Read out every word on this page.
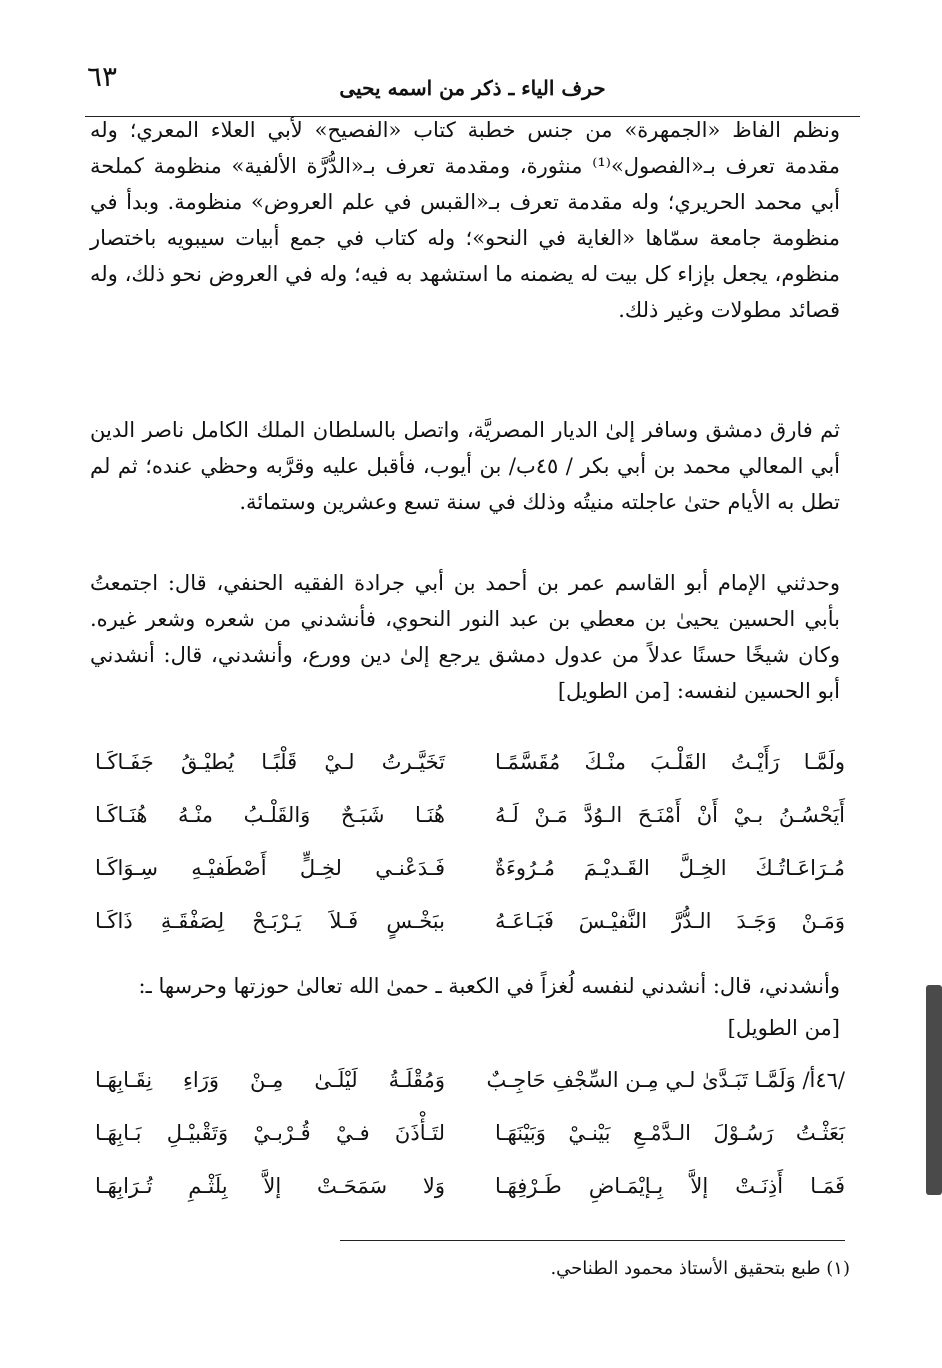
٦٣	حرف الياء ـ ذكر من اسمه يحيى

ونظم الفاظ «الجمهرة» من جنس خطبة كتاب «الفصيح» لأبي العلاء المعري؛ وله مقدمة تعرف بـ«الفصول»⁽¹⁾ منثورة، ومقدمة تعرف بـ«الدُّرَّة الألفية» منظومة كملحة أبي محمد الحريري؛ وله مقدمة تعرف بـ«القبس في علم العروض» منظومة. وبدأ في منظومة جامعة سمّاها «الغاية في النحو»؛ وله كتاب في جمع أبيات سيبويه باختصار منظوم، يجعل بإزاء كل بيت له يضمنه ما استشهد به فيه؛ وله في العروض نحو ذلك، وله قصائد مطولات وغير ذلك.

ثم فارق دمشق وسافر إلىٰ الديار المصريَّة، واتصل بالسلطان الملك الكامل ناصر الدين أبي المعالي محمد بن أبي بكر / ٤٥ب/ بن أيوب، فأقبل عليه وقرَّبه وحظي عنده؛ ثم لم تطل به الأيام حتىٰ عاجلته منيتُه وذلك في سنة تسع وعشرين وستمائة.

وحدثني الإمام أبو القاسم عمر بن أحمد بن أبي جرادة الفقيه الحنفي، قال: اجتمعتُ بأبي الحسين يحيىٰ بن معطي بن عبد النور النحوي، فأنشدني من شعره وشعر غيره. وكان شيخًا حسنًا عدلاً من عدول دمشق يرجع إلىٰ دين وورع، وأنشدني، قال: أنشدني أبو الحسين لنفسه: [من الطويل]

ولَمَّـا رَأَيْـتُ القَلْـبَ منْـكَ مُقَسَّمًـا
تَخَيَّـرتُ لـيْ قَلْبًـا يُطيْـقُ جَفَـاكَـا
أَيَحْسُـنُ بـيْ أَنْ أَمْنَـحَ الـوُدَّ مَـنْ لَـهُ
هُنَـا شَبَـحٌ وَالقَلْـبُ منْـهُ هُنَـاكَـا
مُـرَاعَـاتُـكَ الخِـلَّ القَـديْـمَ مُـرُوءَةٌ
فَـدَعْنـي لخِـلٍّ أَصْطَفيْـهِ سِـوَاكَـا
وَمَـنْ وَجَـدَ الـدُّرَّ النَّفيْـسَ فَبَـاعَـهُ
ببَخْـسٍ فَـلاَ يَـرْبَـحْ لِصَفْقَـةِ ذَاكَـا

وأنشدني، قال: أنشدني لنفسه لُغزاً في الكعبة ـ حمىٰ الله تعالىٰ حوزتها وحرسها ـ:

[من الطويل]
/٤٦أ/ وَلَمَّـا تَبَـدَّىٰ لـي مِـن السِّجْفِ حَاجِـبٌ
وَمُقْلَـةُ لَيْلَـىٰ مِـنْ وَرَاءِ نِقَـابِهَـا
بَعَثْـتُ رَسُـوْلَ الـدَّمْـعِ بَيْنـيْ وَبَيْنَهَـا
لتَـأْذَنَ فـيْ قُـرْبـيْ وَتَقْبيْـلِ بَـابِهَـا
فَمَـا أَذِنَـتْ إلاَّ بِـإيْمَـاضِ طَـرْفِهَـا
وَلا سَمَحَـتْ إلاَّ بِلَثْـمِ تُـرَابِهَـا
(١) طبع بتحقيق الأستاذ محمود الطناحي.
